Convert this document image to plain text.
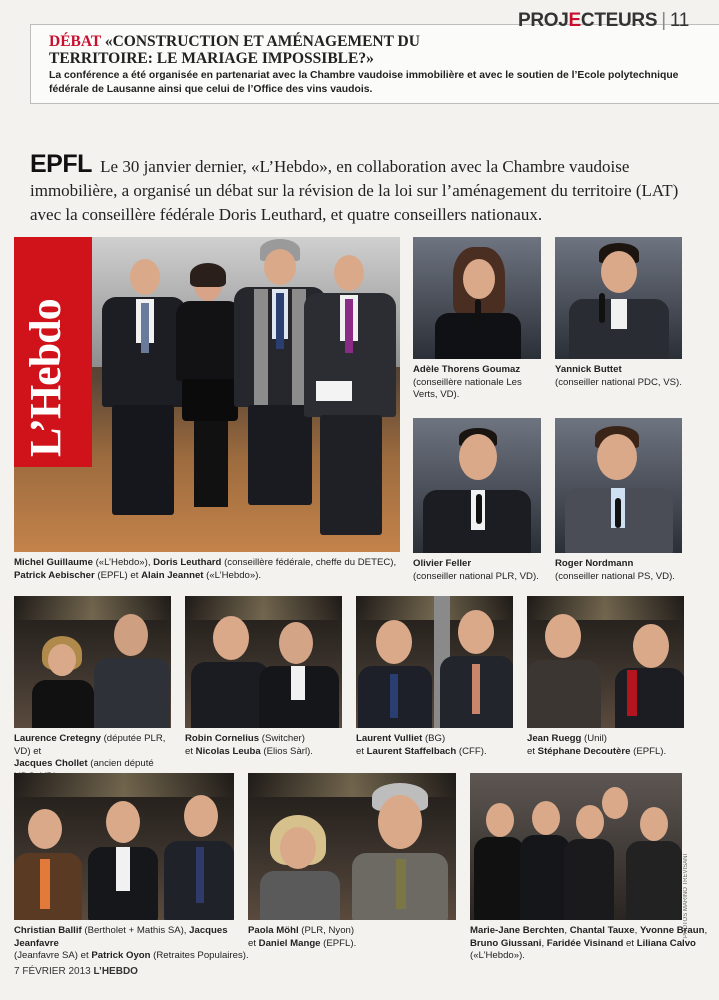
DÉBAT «CONSTRUCTION ET AMÉNAGEMENT DU TERRITOIRE: LE MARIAGE IMPOSSIBLE?»
La conférence a été organisée en partenariat avec la Chambre vaudoise immobilière et avec le soutien de l’Ecole polytechnique fédérale de Lausanne ainsi que celui de l’Office des vins vaudois.
PROJECTEURS | 11
EPFL Le 30 janvier dernier, «L’Hebdo», en collaboration avec la Chambre vaudoise immobilière, a organisé un débat sur la révision de la loi sur l’aménagement du territoire (LAT) avec la conseillère fédérale Doris Leuthard, et quatre conseillers nationaux.
L’Hebdo
Michel Guillaume («L’Hebdo»), Doris Leuthard (conseillère fédérale, cheffe du DETEC),
Patrick Aebischer (EPFL) et Alain Jeannet («L’Hebdo»).
Adèle Thorens Goumaz
(conseillère nationale Les Verts, VD).
Yannick Buttet
(conseiller national PDC, VS).
Olivier Feller
(conseiller national PLR, VD).
Roger Nordmann
(conseiller national PS, VD).
Laurence Cretegny (députée PLR, VD) et
Jacques Chollet (ancien député
Robin Cornelius (Switcher)
et Nicolas Leuba (Elios Sàrl).
Laurent Vulliet (BG)
et Laurent Staffelbach (CFF).
Jean Ruegg (Unil)
et Stéphane Decoutère (EPFL).
Christian Ballif (Bertholet + Mathis SA), Jacques Jeanfavre
(Jeanfavre SA) et Patrick Oyon (Retraites Populaires).
Paola Möhl (PLR, Nyon)
et Daniel Mange (EPFL).
PHOTOS MARINO TREVISANI
Marie-Jane Berchten, Chantal Tauxe, Yvonne Braun,
Bruno Giussani, Faridée Visinand et Liliana Calvo («L’Hebdo»).
7 FÉVRIER 2013 L’HEBDO
